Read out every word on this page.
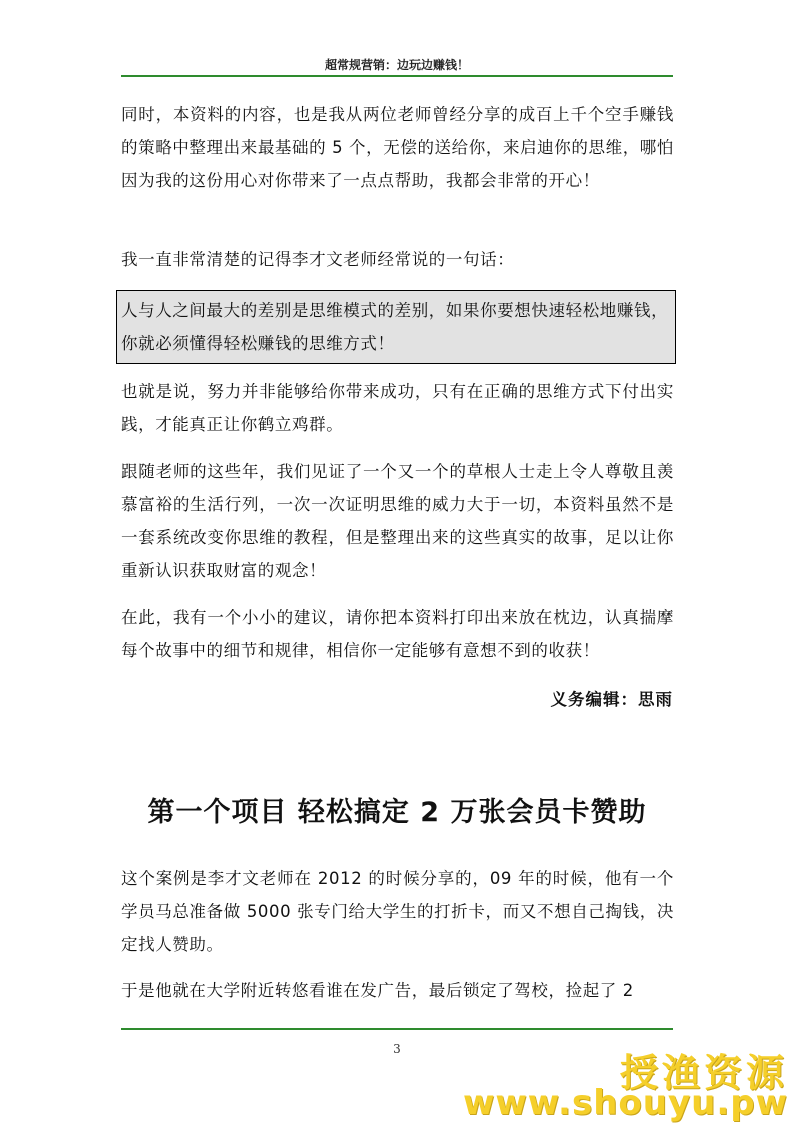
超常规营销：边玩边赚钱！

同时，本资料的内容，也是我从两位老师曾经分享的成百上千个空手赚钱的策略中整理出来最基础的 5 个，无偿的送给你，来启迪你的思维，哪怕因为我的这份用心对你带来了一点点帮助，我都会非常的开心！

我一直非常清楚的记得李才文老师经常说的一句话：

人与人之间最大的差别是思维模式的差别，如果你要想快速轻松地赚钱，你就必须懂得轻松赚钱的思维方式！

也就是说，努力并非能够给你带来成功，只有在正确的思维方式下付出实践，才能真正让你鹤立鸡群。

跟随老师的这些年，我们见证了一个又一个的草根人士走上令人尊敬且羡慕富裕的生活行列，一次一次证明思维的威力大于一切，本资料虽然不是一套系统改变你思维的教程，但是整理出来的这些真实的故事，足以让你重新认识获取财富的观念！

在此，我有一个小小的建议，请你把本资料打印出来放在枕边，认真揣摩每个故事中的细节和规律，相信你一定能够有意想不到的收获！

义务编辑：思雨
第一个项目 轻松搞定 2 万张会员卡赞助

这个案例是李才文老师在 2012 的时候分享的，09 年的时候，他有一个学员马总准备做 5000 张专门给大学生的打折卡，而又不想自己掏钱，决定找人赞助。

于是他就在大学附近转悠看谁在发广告，最后锁定了驾校，捡起了 2

3
授渔资源
www.shouyu.pw
